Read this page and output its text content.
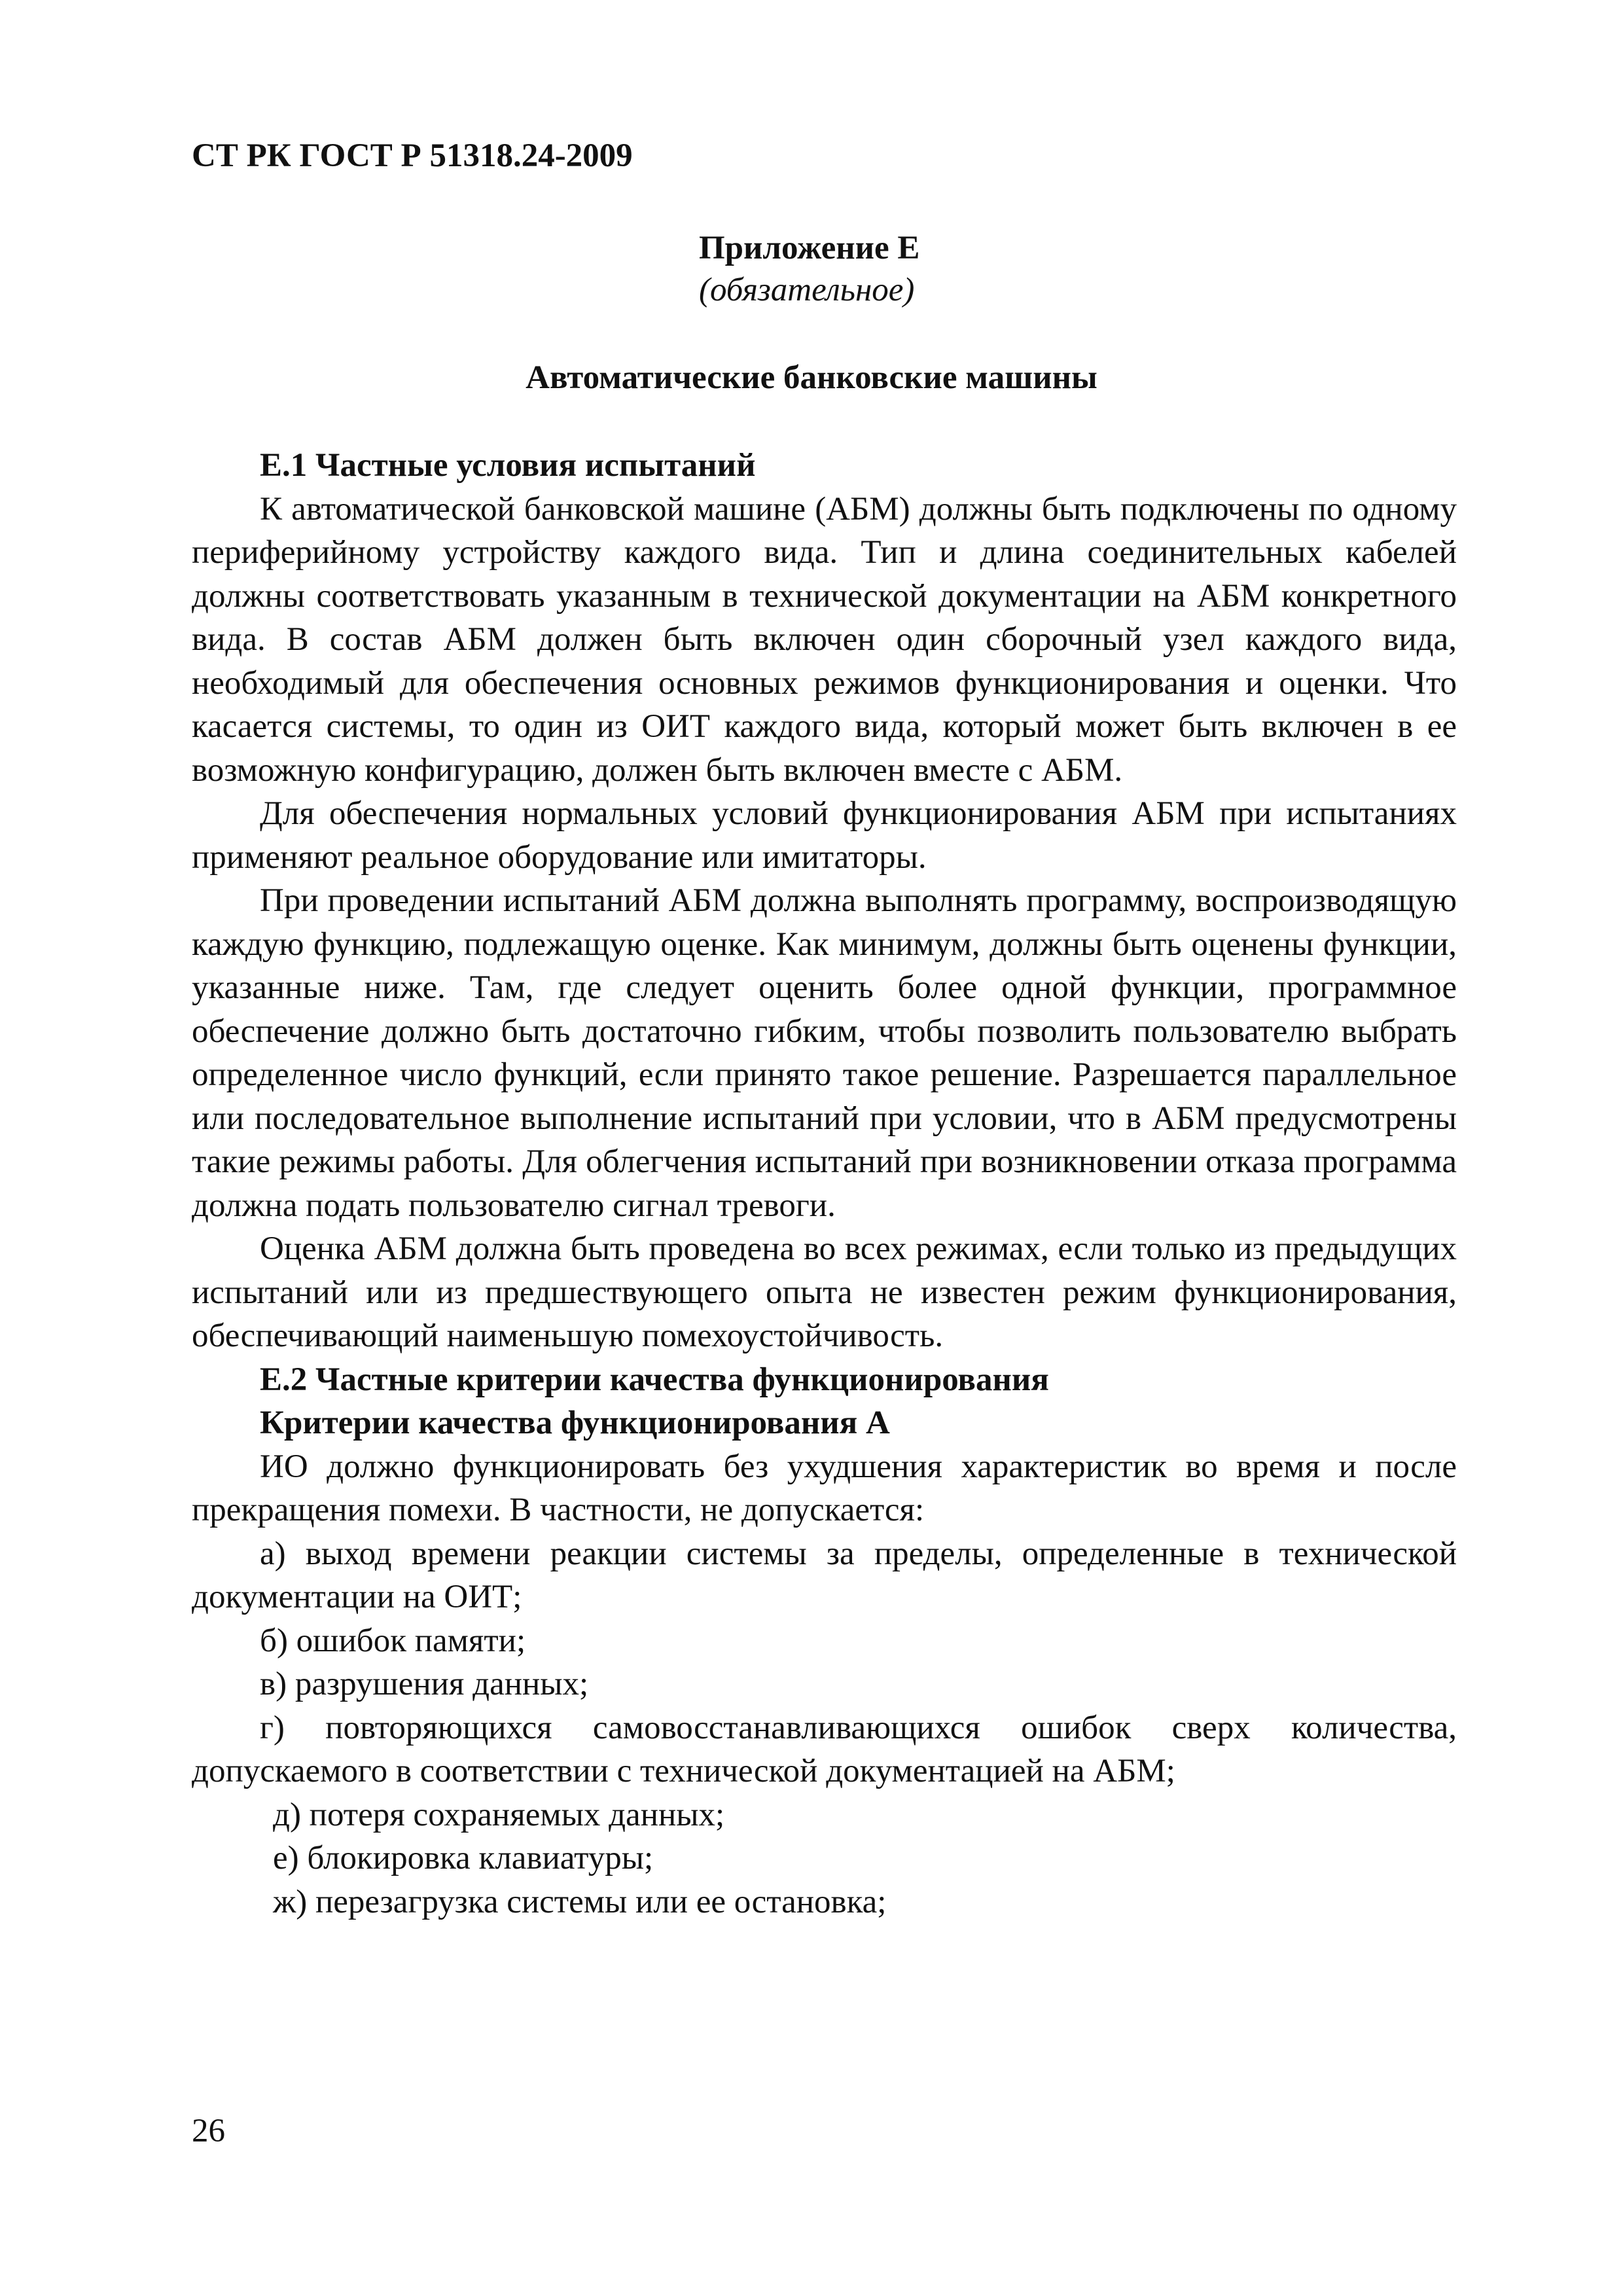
СТ РК ГОСТ Р 51318.24-2009
Приложение Е
(обязательное)
Автоматические банковские машины

Е.1 Частные условия испытаний

К автоматической банковской машине (АБМ) должны быть подключены по одному периферийному устройству каждого вида. Тип и длина соединительных кабелей должны соответствовать указанным в технической документации на АБМ конкретного вида. В состав АБМ должен быть включен один сборочный узел каждого вида, необходимый для обеспечения основных режимов функционирования и оценки. Что касается системы, то один из ОИТ каждого вида, который может быть включен в ее возможную конфигурацию, должен быть включен вместе с АБМ.

Для обеспечения нормальных условий функционирования АБМ при испытаниях применяют реальное оборудование или имитаторы.

При проведении испытаний АБМ должна выполнять программу, воспроизводящую каждую функцию, подлежащую оценке. Как минимум, должны быть оценены функции, указанные ниже. Там, где следует оценить более одной функции, программное обеспечение должно быть достаточно гибким, чтобы позволить пользователю выбрать определенное число функций, если принято такое решение. Разрешается параллельное или последовательное выполнение испытаний при условии, что в АБМ предусмотрены такие режимы работы. Для облегчения испытаний при возникновении отказа программа должна подать пользователю сигнал тревоги.

Оценка АБМ должна быть проведена во всех режимах, если только из предыдущих испытаний или из предшествующего опыта не известен режим функционирования, обеспечивающий наименьшую помехоустойчивость.

Е.2 Частные критерии качества функционирования

Критерии качества функционирования А

ИО должно функционировать без ухудшения характеристик во время и после прекращения помехи. В частности, не допускается:

а) выход времени реакции системы за пределы, определенные в технической документации на ОИТ;

б) ошибок памяти;

в) разрушения данных;

г) повторяющихся самовосстанавливающихся ошибок сверх количества, допускаемого в соответствии с технической документацией на АБМ;

д) потеря сохраняемых данных;

е) блокировка клавиатуры;

ж) перезагрузка системы или ее остановка;

26
